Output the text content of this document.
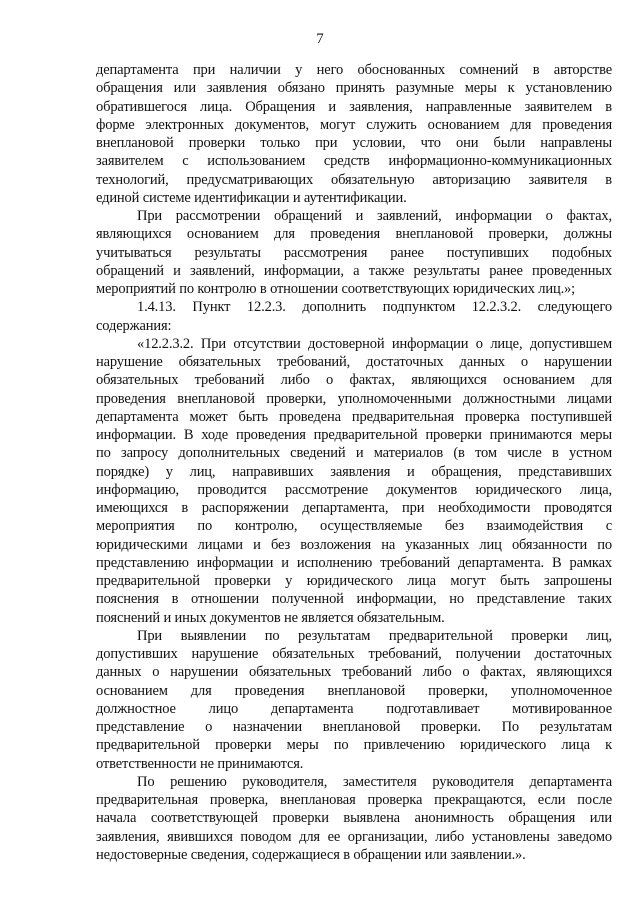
7

департамента при наличии у него обоснованных сомнений в авторстве
обращения или заявления обязано принять разумные меры к установлению
обратившегося лица. Обращения и заявления, направленные заявителем в
форме электронных документов, могут служить основанием для проведения
внеплановой проверки только при условии, что они были направлены
заявителем с использованием средств информационно-коммуникационных
технологий, предусматривающих обязательную авторизацию заявителя в
единой системе идентификации и аутентификации.

При рассмотрении обращений и заявлений, информации о фактах,
являющихся основанием для проведения внеплановой проверки, должны
учитываться результаты рассмотрения ранее поступивших подобных
обращений и заявлений, информации, а также результаты ранее проведенных
мероприятий по контролю в отношении соответствующих юридических лиц.»;

1.4.13. Пункт 12.2.3. дополнить подпунктом 12.2.3.2. следующего
содержания:

«12.2.3.2. При отсутствии достоверной информации о лице, допустившем
нарушение обязательных требований, достаточных данных о нарушении
обязательных требований либо о фактах, являющихся основанием для
проведения внеплановой проверки, уполномоченными должностными лицами
департамента может быть проведена предварительная проверка поступившей
информации. В ходе проведения предварительной проверки принимаются меры
по запросу дополнительных сведений и материалов (в том числе в устном
порядке) у лиц, направивших заявления и обращения, представивших
информацию, проводится рассмотрение документов юридического лица,
имеющихся в распоряжении департамента, при необходимости проводятся
мероприятия по контролю, осуществляемые без взаимодействия с
юридическими лицами и без возложения на указанных лиц обязанности по
представлению информации и исполнению требований департамента. В рамках
предварительной проверки у юридического лица могут быть запрошены
пояснения в отношении полученной информации, но представление таких
пояснений и иных документов не является обязательным.

При выявлении по результатам предварительной проверки лиц,
допустивших нарушение обязательных требований, получении достаточных
данных о нарушении обязательных требований либо о фактах, являющихся
основанием для проведения внеплановой проверки, уполномоченное
должностное лицо департамента подготавливает мотивированное
представление о назначении внеплановой проверки. По результатам
предварительной проверки меры по привлечению юридического лица к
ответственности не принимаются.

По решению руководителя, заместителя руководителя департамента
предварительная проверка, внеплановая проверка прекращаются, если после
начала соответствующей проверки выявлена анонимность обращения или
заявления, явившихся поводом для ее организации, либо установлены заведомо
недостоверные сведения, содержащиеся в обращении или заявлении.».
